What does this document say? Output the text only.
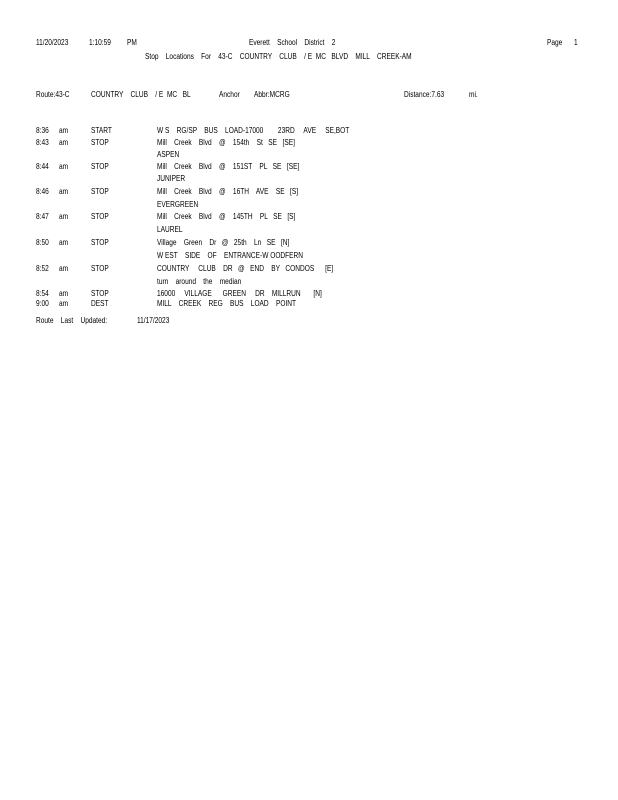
11/20/2023	1:10:59 PM	Everett    School    District    2	Page 1
Stop    Locations    For    43-C    COUNTRY    CLUB    / E  MC   BLVD    MILL    CREEK-AM
Route:43-C	COUNTRY    CLUB    / E  MC   BL	Anchor Abbr:MCRG	Distance:7.63	mi.
8:36 am	START	W S    RG/SP    BUS    LOAD-17000        23RD     AVE     SE,BOT
8:43 am	STOP	Mill    Creek    Blvd    @    154th    St   SE   [SE]
ASPEN
8:44 am	STOP	Mill    Creek    Blvd    @    151ST    PL   SE   [SE]
JUNIPER
8:46 am	STOP	Mill    Creek    Blvd    @    16TH    AVE    SE   [S]
EVERGREEN
8:47 am	STOP	Mill    Creek    Blvd    @    145TH    PL   SE   [S]
LAUREL
8:50 am	STOP	Village    Green    Dr   @   25th    Ln   SE   [N]
W EST    SIDE    OF    ENTRANCE-W OODFERN
8:52 am	STOP	COUNTRY     CLUB    DR   @   END    BY   CONDOS      [E]
turn    around    the    median
8:54 am	STOP	16000     VILLAGE      GREEN     DR    MILLRUN       [N]
9:00 am	DEST	MILL    CREEK    REG    BUS    LOAD    POINT
Route    Last    Updated:	11/17/2023
